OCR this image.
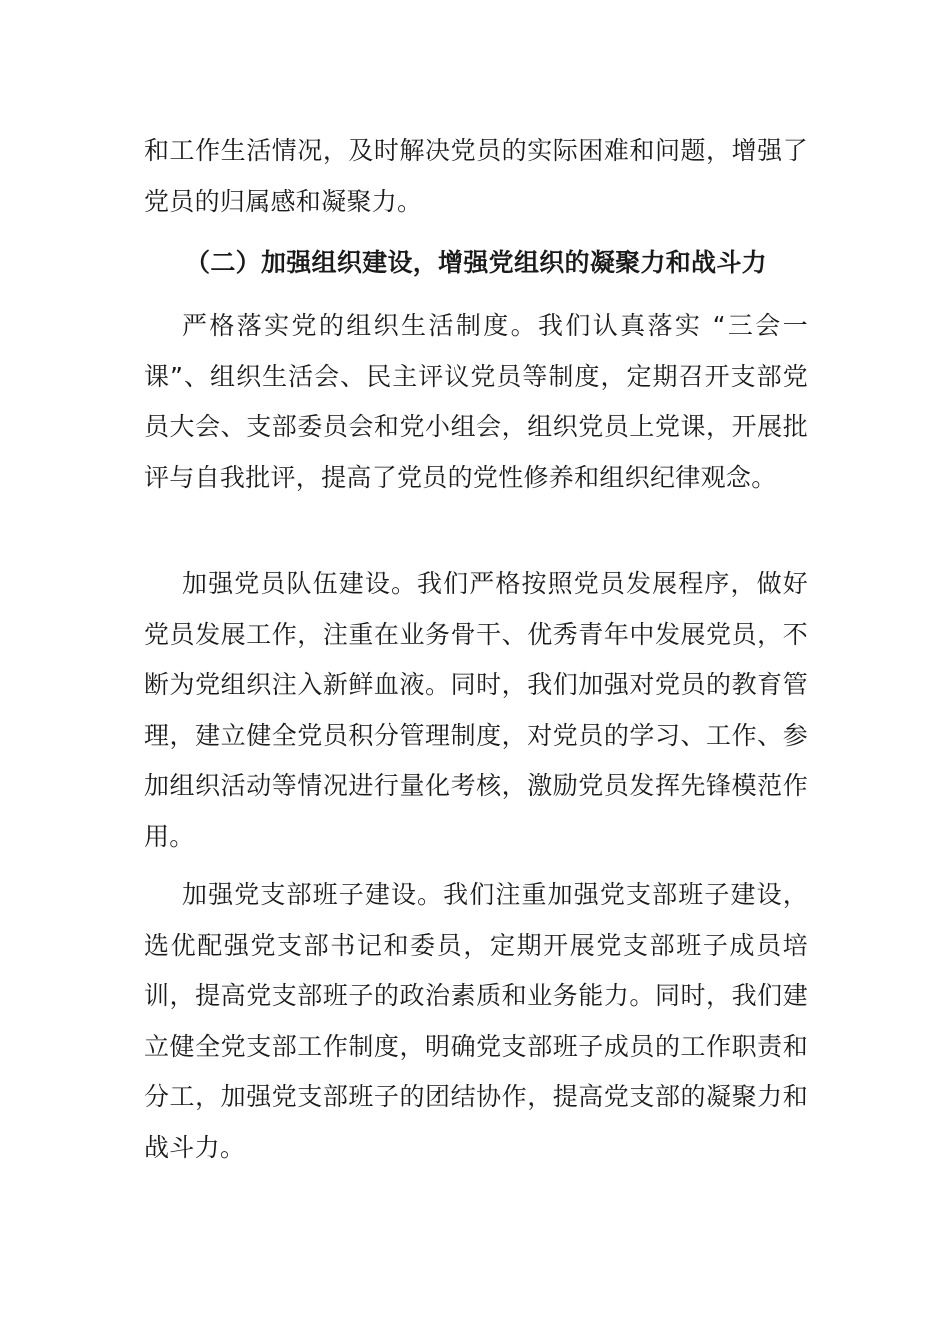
和工作生活情况，及时解决党员的实际困难和问题，增强了党员的归属感和凝聚力。

（二）加强组织建设，增强党组织的凝聚力和战斗力

严格落实党的组织生活制度。我们认真落实 “三会一课”、组织生活会、民主评议党员等制度，定期召开支部党员大会、支部委员会和党小组会，组织党员上党课，开展批评与自我批评，提高了党员的党性修养和组织纪律观念。

加强党员队伍建设。我们严格按照党员发展程序，做好党员发展工作，注重在业务骨干、优秀青年中发展党员，不断为党组织注入新鲜血液。同时，我们加强对党员的教育管理，建立健全党员积分管理制度，对党员的学习、工作、参加组织活动等情况进行量化考核，激励党员发挥先锋模范作用。

加强党支部班子建设。我们注重加强党支部班子建设，选优配强党支部书记和委员，定期开展党支部班子成员培训，提高党支部班子的政治素质和业务能力。同时，我们建立健全党支部工作制度，明确党支部班子成员的工作职责和分工，加强党支部班子的团结协作，提高党支部的凝聚力和战斗力。
